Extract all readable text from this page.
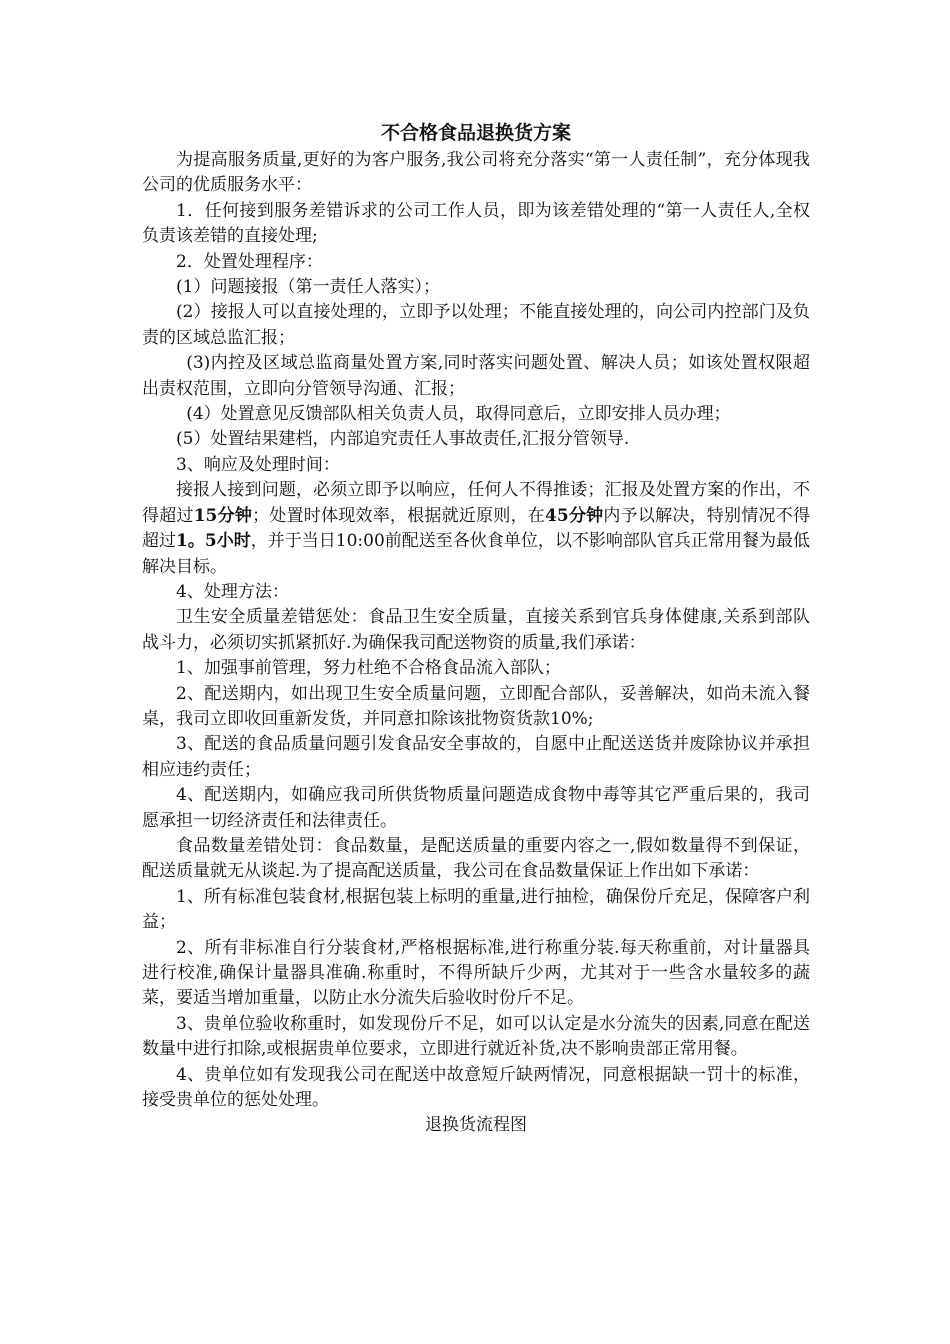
不合格食品退换货方案

为提高服务质量,更好的为客户服务,我公司将充分落实“第一人责任制”，充分体现我公司的优质服务水平：

1．任何接到服务差错诉求的公司工作人员，即为该差错处理的“第一人责任人,全权负责该差错的直接处理;

2．处置处理程序：

(1）问题接报（第一责任人落实）；

(2）接报人可以直接处理的，立即予以处理；不能直接处理的，向公司内控部门及负责的区域总监汇报；

(3)内控及区域总监商量处置方案,同时落实问题处置、解决人员；如该处置权限超出责权范围，立即向分管领导沟通、汇报；

(4）处置意见反馈部队相关负责人员，取得同意后，立即安排人员办理；

(5）处置结果建档，内部追究责任人事故责任,汇报分管领导.

3、响应及处理时间：

接报人接到问题，必须立即予以响应，任何人不得推诿；汇报及处置方案的作出，不得超过15分钟；处置时体现效率，根据就近原则，在45分钟内予以解决，特别情况不得超过1。5小时，并于当日10:00前配送至各伙食单位，以不影响部队官兵正常用餐为最低解决目标。

4、处理方法：

卫生安全质量差错惩处：食品卫生安全质量，直接关系到官兵身体健康,关系到部队战斗力，必须切实抓紧抓好.为确保我司配送物资的质量,我们承诺：

1、加强事前管理，努力杜绝不合格食品流入部队；

2、配送期内，如出现卫生安全质量问题，立即配合部队，妥善解决，如尚未流入餐桌，我司立即收回重新发货，并同意扣除该批物资货款10%;

3、配送的食品质量问题引发食品安全事故的，自愿中止配送送货并废除协议并承担相应违约责任；

4、配送期内，如确应我司所供货物质量问题造成食物中毒等其它严重后果的，我司愿承担一切经济责任和法律责任。

食品数量差错处罚：食品数量，是配送质量的重要内容之一,假如数量得不到保证，配送质量就无从谈起.为了提高配送质量，我公司在食品数量保证上作出如下承诺：

1、所有标准包装食材,根据包装上标明的重量,进行抽检，确保份斤充足，保障客户利益；

2、所有非标准自行分装食材,严格根据标准,进行称重分装.每天称重前，对计量器具进行校准,确保计量器具准确.称重时，不得所缺斤少两，尤其对于一些含水量较多的蔬菜，要适当增加重量，以防止水分流失后验收时份斤不足。

3、贵单位验收称重时，如发现份斤不足，如可以认定是水分流失的因素,同意在配送数量中进行扣除,或根据贵单位要求，立即进行就近补货,决不影响贵部正常用餐。

4、贵单位如有发现我公司在配送中故意短斤缺两情况，同意根据缺一罚十的标准，接受贵单位的惩处处理。

退换货流程图
